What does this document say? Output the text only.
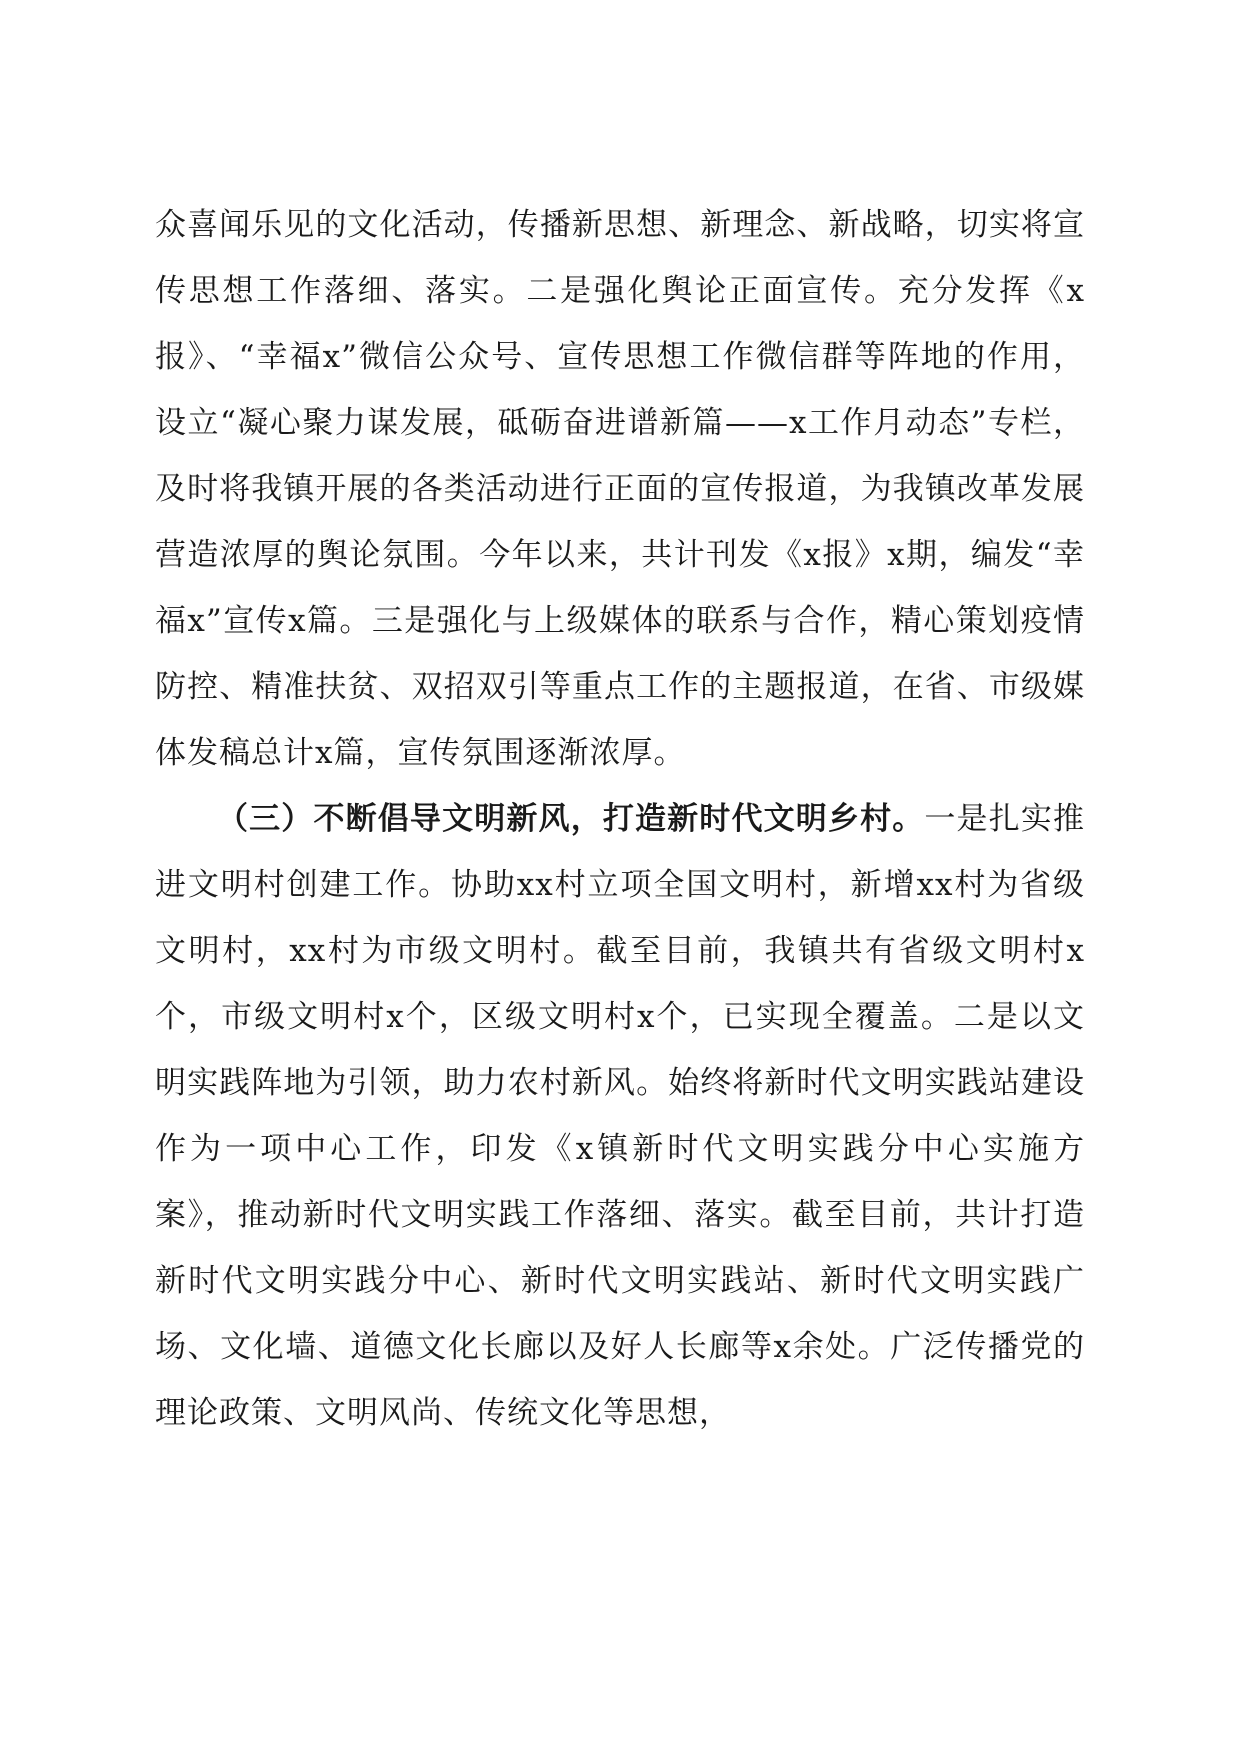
众喜闻乐见的文化活动，传播新思想、新理念、新战略，切实将宣传思想工作落细、落实。二是强化舆论正面宣传。充分发挥《x报》、“幸福x”微信公众号、宣传思想工作微信群等阵地的作用，设立“凝心聚力谋发展，砥砺奋进谱新篇——x工作月动态”专栏，及时将我镇开展的各类活动进行正面的宣传报道，为我镇改革发展营造浓厚的舆论氛围。今年以来，共计刊发《x报》x期，编发“幸福x”宣传x篇。三是强化与上级媒体的联系与合作，精心策划疫情防控、精准扶贫、双招双引等重点工作的主题报道，在省、市级媒体发稿总计x篇，宣传氛围逐渐浓厚。

（三）不断倡导文明新风，打造新时代文明乡村。一是扎实推进文明村创建工作。协助xx村立项全国文明村，新增xx村为省级文明村，xx村为市级文明村。截至目前，我镇共有省级文明村x个，市级文明村x个，区级文明村x个，已实现全覆盖。二是以文明实践阵地为引领，助力农村新风。始终将新时代文明实践站建设作为一项中心工作，印发《x镇新时代文明实践分中心实施方案》，推动新时代文明实践工作落细、落实。截至目前，共计打造新时代文明实践分中心、新时代文明实践站、新时代文明实践广场、文化墙、道德文化长廊以及好人长廊等x余处。广泛传播党的理论政策、文明风尚、传统文化等思想，
